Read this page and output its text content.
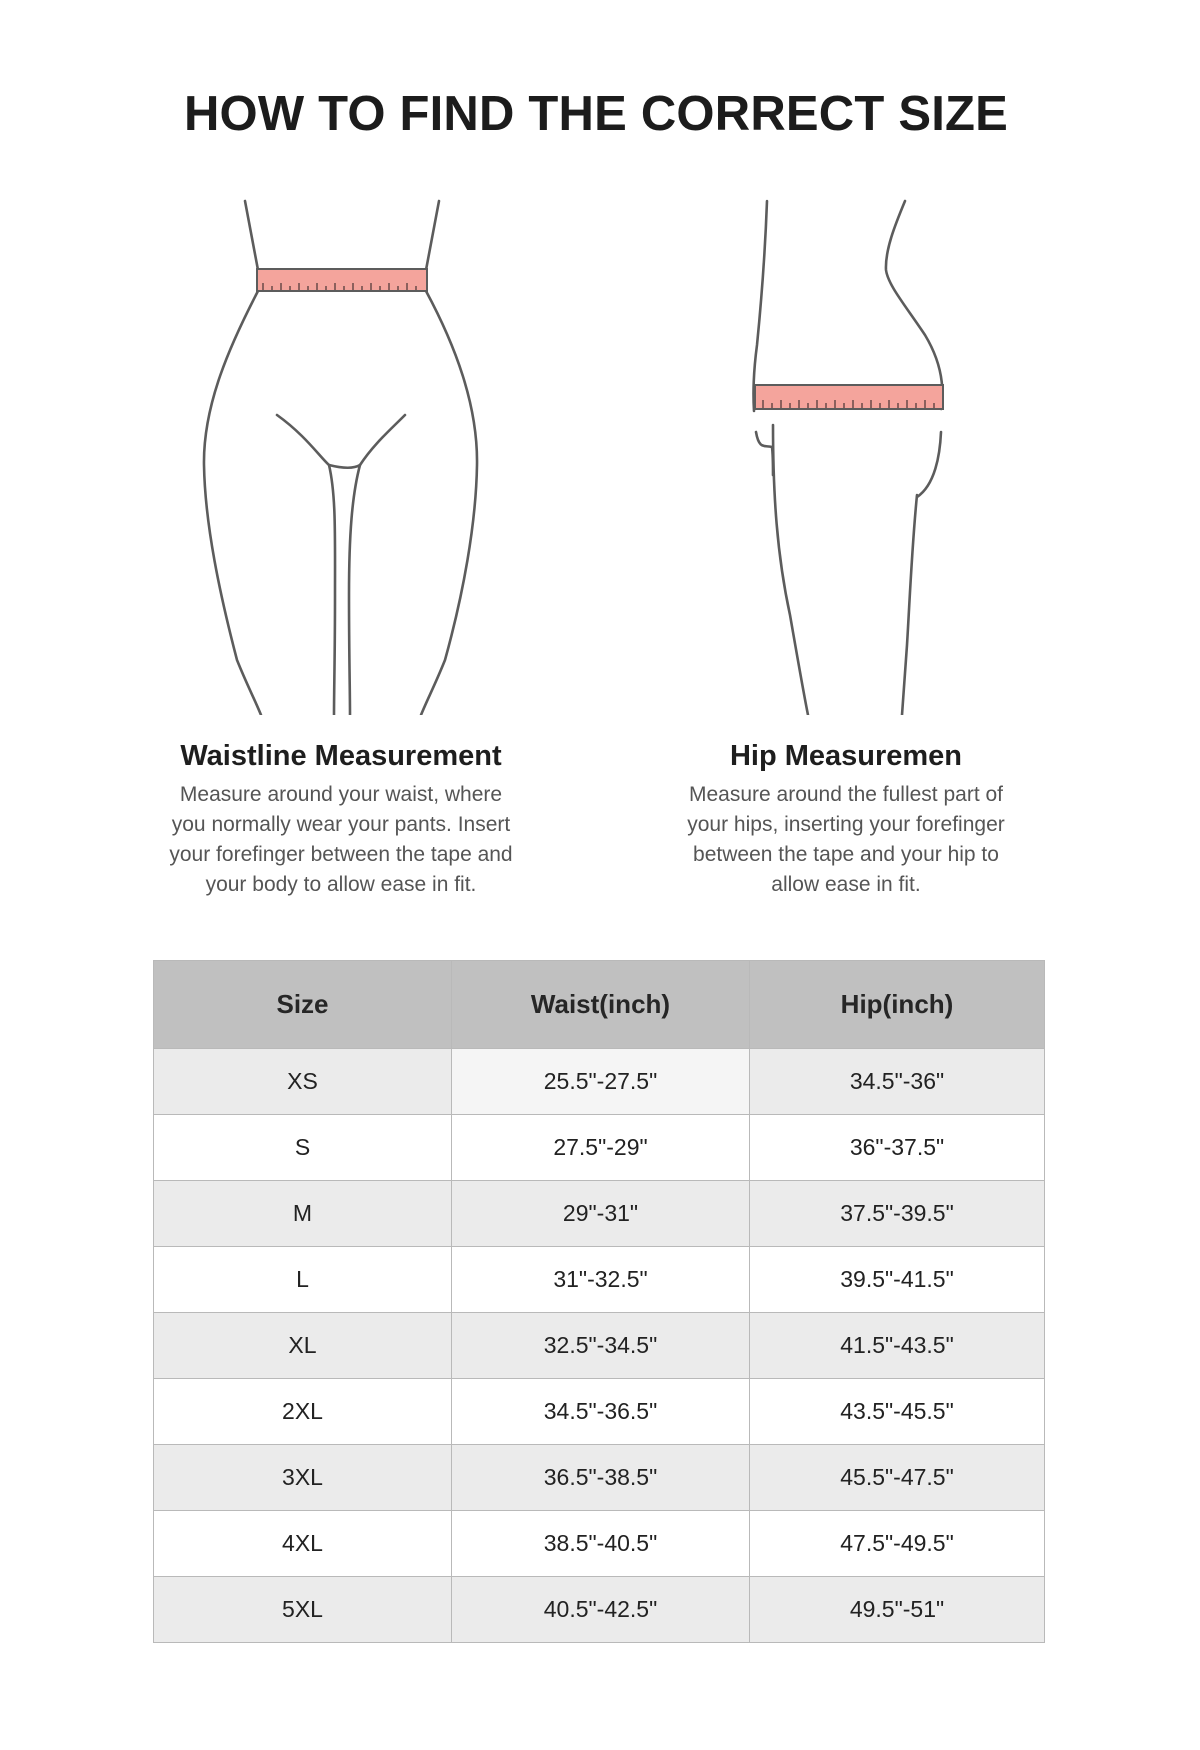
HOW TO FIND THE CORRECT SIZE
Waistline Measurement

Measure around your waist, where
you normally wear your pants. Insert
your forefinger between the tape and
your body to allow ease in fit.

Hip Measuremen

Measure around the fullest part of
your hips, inserting your forefinger
between the tape and your hip to
allow ease in fit.

Size	Waist(inch)	Hip(inch)
XS	25.5"-27.5"	34.5"-36"
S	27.5"-29"	36"-37.5"
M	29"-31"	37.5"-39.5"
L	31"-32.5"	39.5"-41.5"
XL	32.5"-34.5"	41.5"-43.5"
2XL	34.5"-36.5"	43.5"-45.5"
3XL	36.5"-38.5"	45.5"-47.5"
4XL	38.5"-40.5"	47.5"-49.5"
5XL	40.5"-42.5"	49.5"-51"
